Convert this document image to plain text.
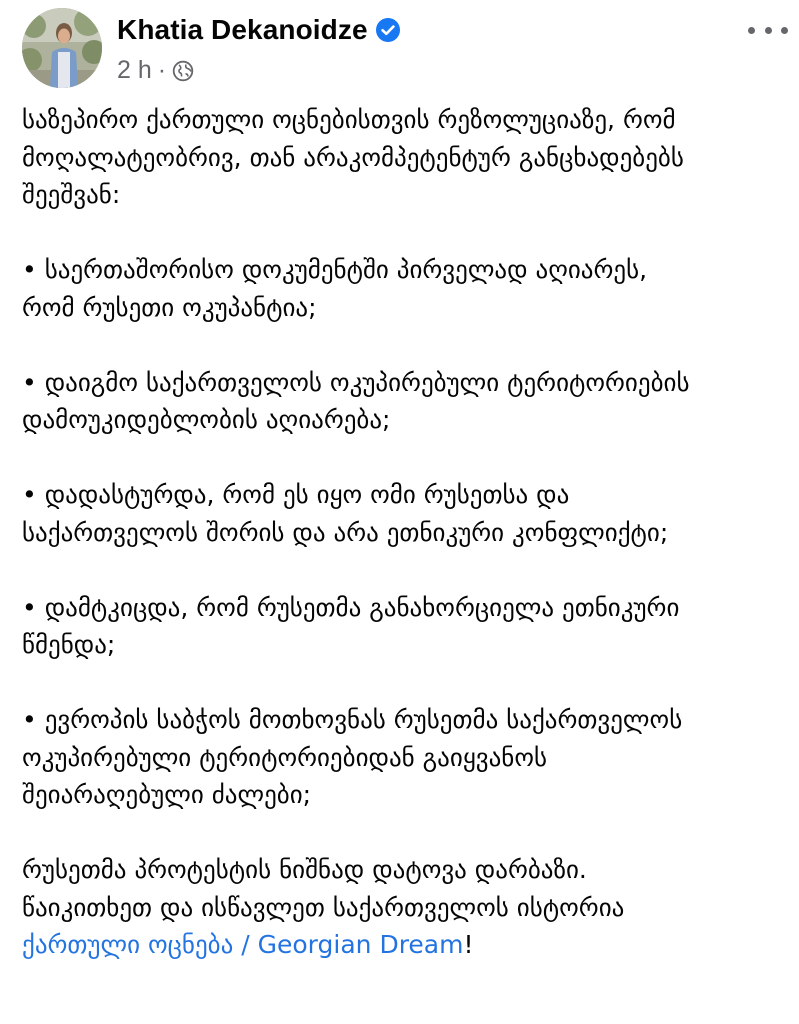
Khatia Dekanoidze
2 h ·
საზეპირო ქართული ოცნებისთვის რეზოლუციაზე, რომ
მოღალატეობრივ, თან არაკომპეტენტურ განცხადებებს
შეეშვან:
• საერთაშორისო დოკუმენტში პირველად აღიარეს,
რომ რუსეთი ოკუპანტია;
• დაიგმო საქართველოს ოკუპირებული ტერიტორიების
დამოუკიდებლობის აღიარება;
• დადასტურდა, რომ ეს იყო ომი რუსეთსა და
საქართველოს შორის და არა ეთნიკური კონფლიქტი;
• დამტკიცდა, რომ რუსეთმა განახორციელა ეთნიკური
წმენდა;
• ევროპის საბჭოს მოთხოვნას რუსეთმა საქართველოს
ოკუპირებული ტერიტორიებიდან გაიყვანოს
შეიარაღებული ძალები;
რუსეთმა პროტესტის ნიშნად დატოვა დარბაზი.
წაიკითხეთ და ისწავლეთ საქართველოს ისტორია
ქართული ოცნება / Georgian Dream!
